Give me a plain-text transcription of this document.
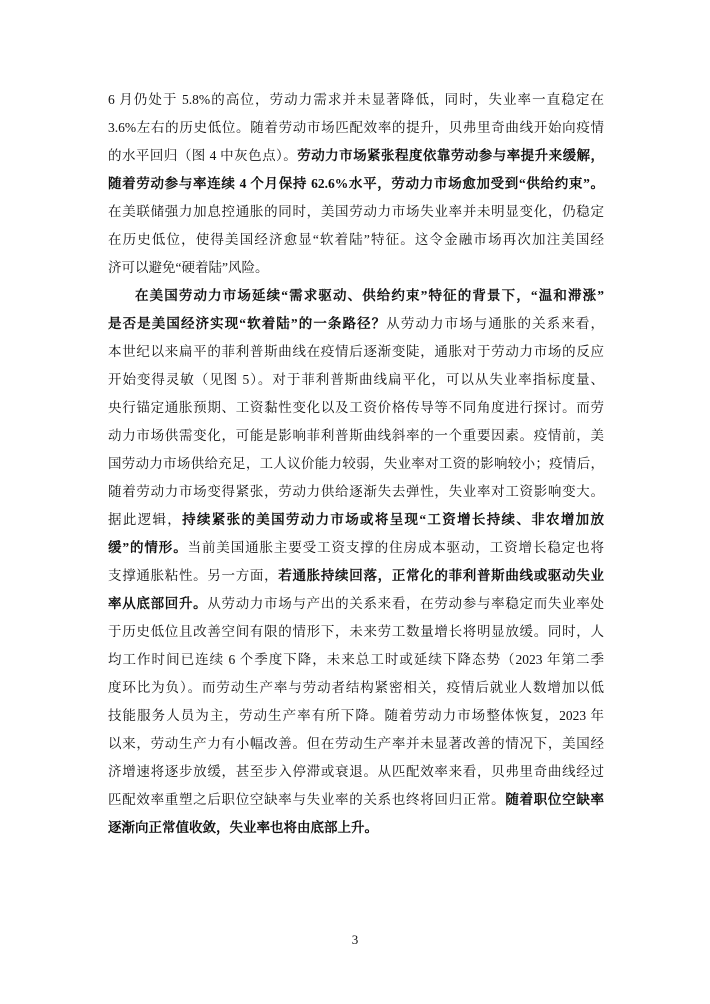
6 月仍处于 5.8%的高位，劳动力需求并未显著降低，同时，失业率一直稳定在
3.6%左右的历史低位。随着劳动市场匹配效率的提升，贝弗里奇曲线开始向疫情
的水平回归（图 4 中灰色点）。劳动力市场紧张程度依靠劳动参与率提升来缓解，
随着劳动参与率连续 4 个月保持 62.6%水平，劳动力市场愈加受到“供给约束”。
在美联储强力加息控通胀的同时，美国劳动力市场失业率并未明显变化，仍稳定
在历史低位，使得美国经济愈显“软着陆”特征。这令金融市场再次加注美国经
济可以避免“硬着陆”风险。
在美国劳动力市场延续“需求驱动、供给约束”特征的背景下，“温和滞涨”
是否是美国经济实现“软着陆”的一条路径？从劳动力市场与通胀的关系来看，
本世纪以来扁平的菲利普斯曲线在疫情后逐渐变陡，通胀对于劳动力市场的反应
开始变得灵敏（见图 5）。对于菲利普斯曲线扁平化，可以从失业率指标度量、
央行锚定通胀预期、工资黏性变化以及工资价格传导等不同角度进行探讨。而劳
动力市场供需变化，可能是影响菲利普斯曲线斜率的一个重要因素。疫情前，美
国劳动力市场供给充足，工人议价能力较弱，失业率对工资的影响较小；疫情后，
随着劳动力市场变得紧张，劳动力供给逐渐失去弹性，失业率对工资影响变大。
据此逻辑，持续紧张的美国劳动力市场或将呈现“工资增长持续、非农增加放
缓”的情形。当前美国通胀主要受工资支撑的住房成本驱动，工资增长稳定也将
支撑通胀粘性。另一方面，若通胀持续回落，正常化的菲利普斯曲线或驱动失业
率从底部回升。从劳动力市场与产出的关系来看，在劳动参与率稳定而失业率处
于历史低位且改善空间有限的情形下，未来劳工数量增长将明显放缓。同时，人
均工作时间已连续 6 个季度下降，未来总工时或延续下降态势（2023 年第二季
度环比为负）。而劳动生产率与劳动者结构紧密相关，疫情后就业人数增加以低
技能服务人员为主，劳动生产率有所下降。随着劳动力市场整体恢复，2023 年
以来，劳动生产力有小幅改善。但在劳动生产率并未显著改善的情况下，美国经
济增速将逐步放缓，甚至步入停滞或衰退。从匹配效率来看，贝弗里奇曲线经过
匹配效率重塑之后职位空缺率与失业率的关系也终将回归正常。随着职位空缺率
逐渐向正常值收敛，失业率也将由底部上升。
3
